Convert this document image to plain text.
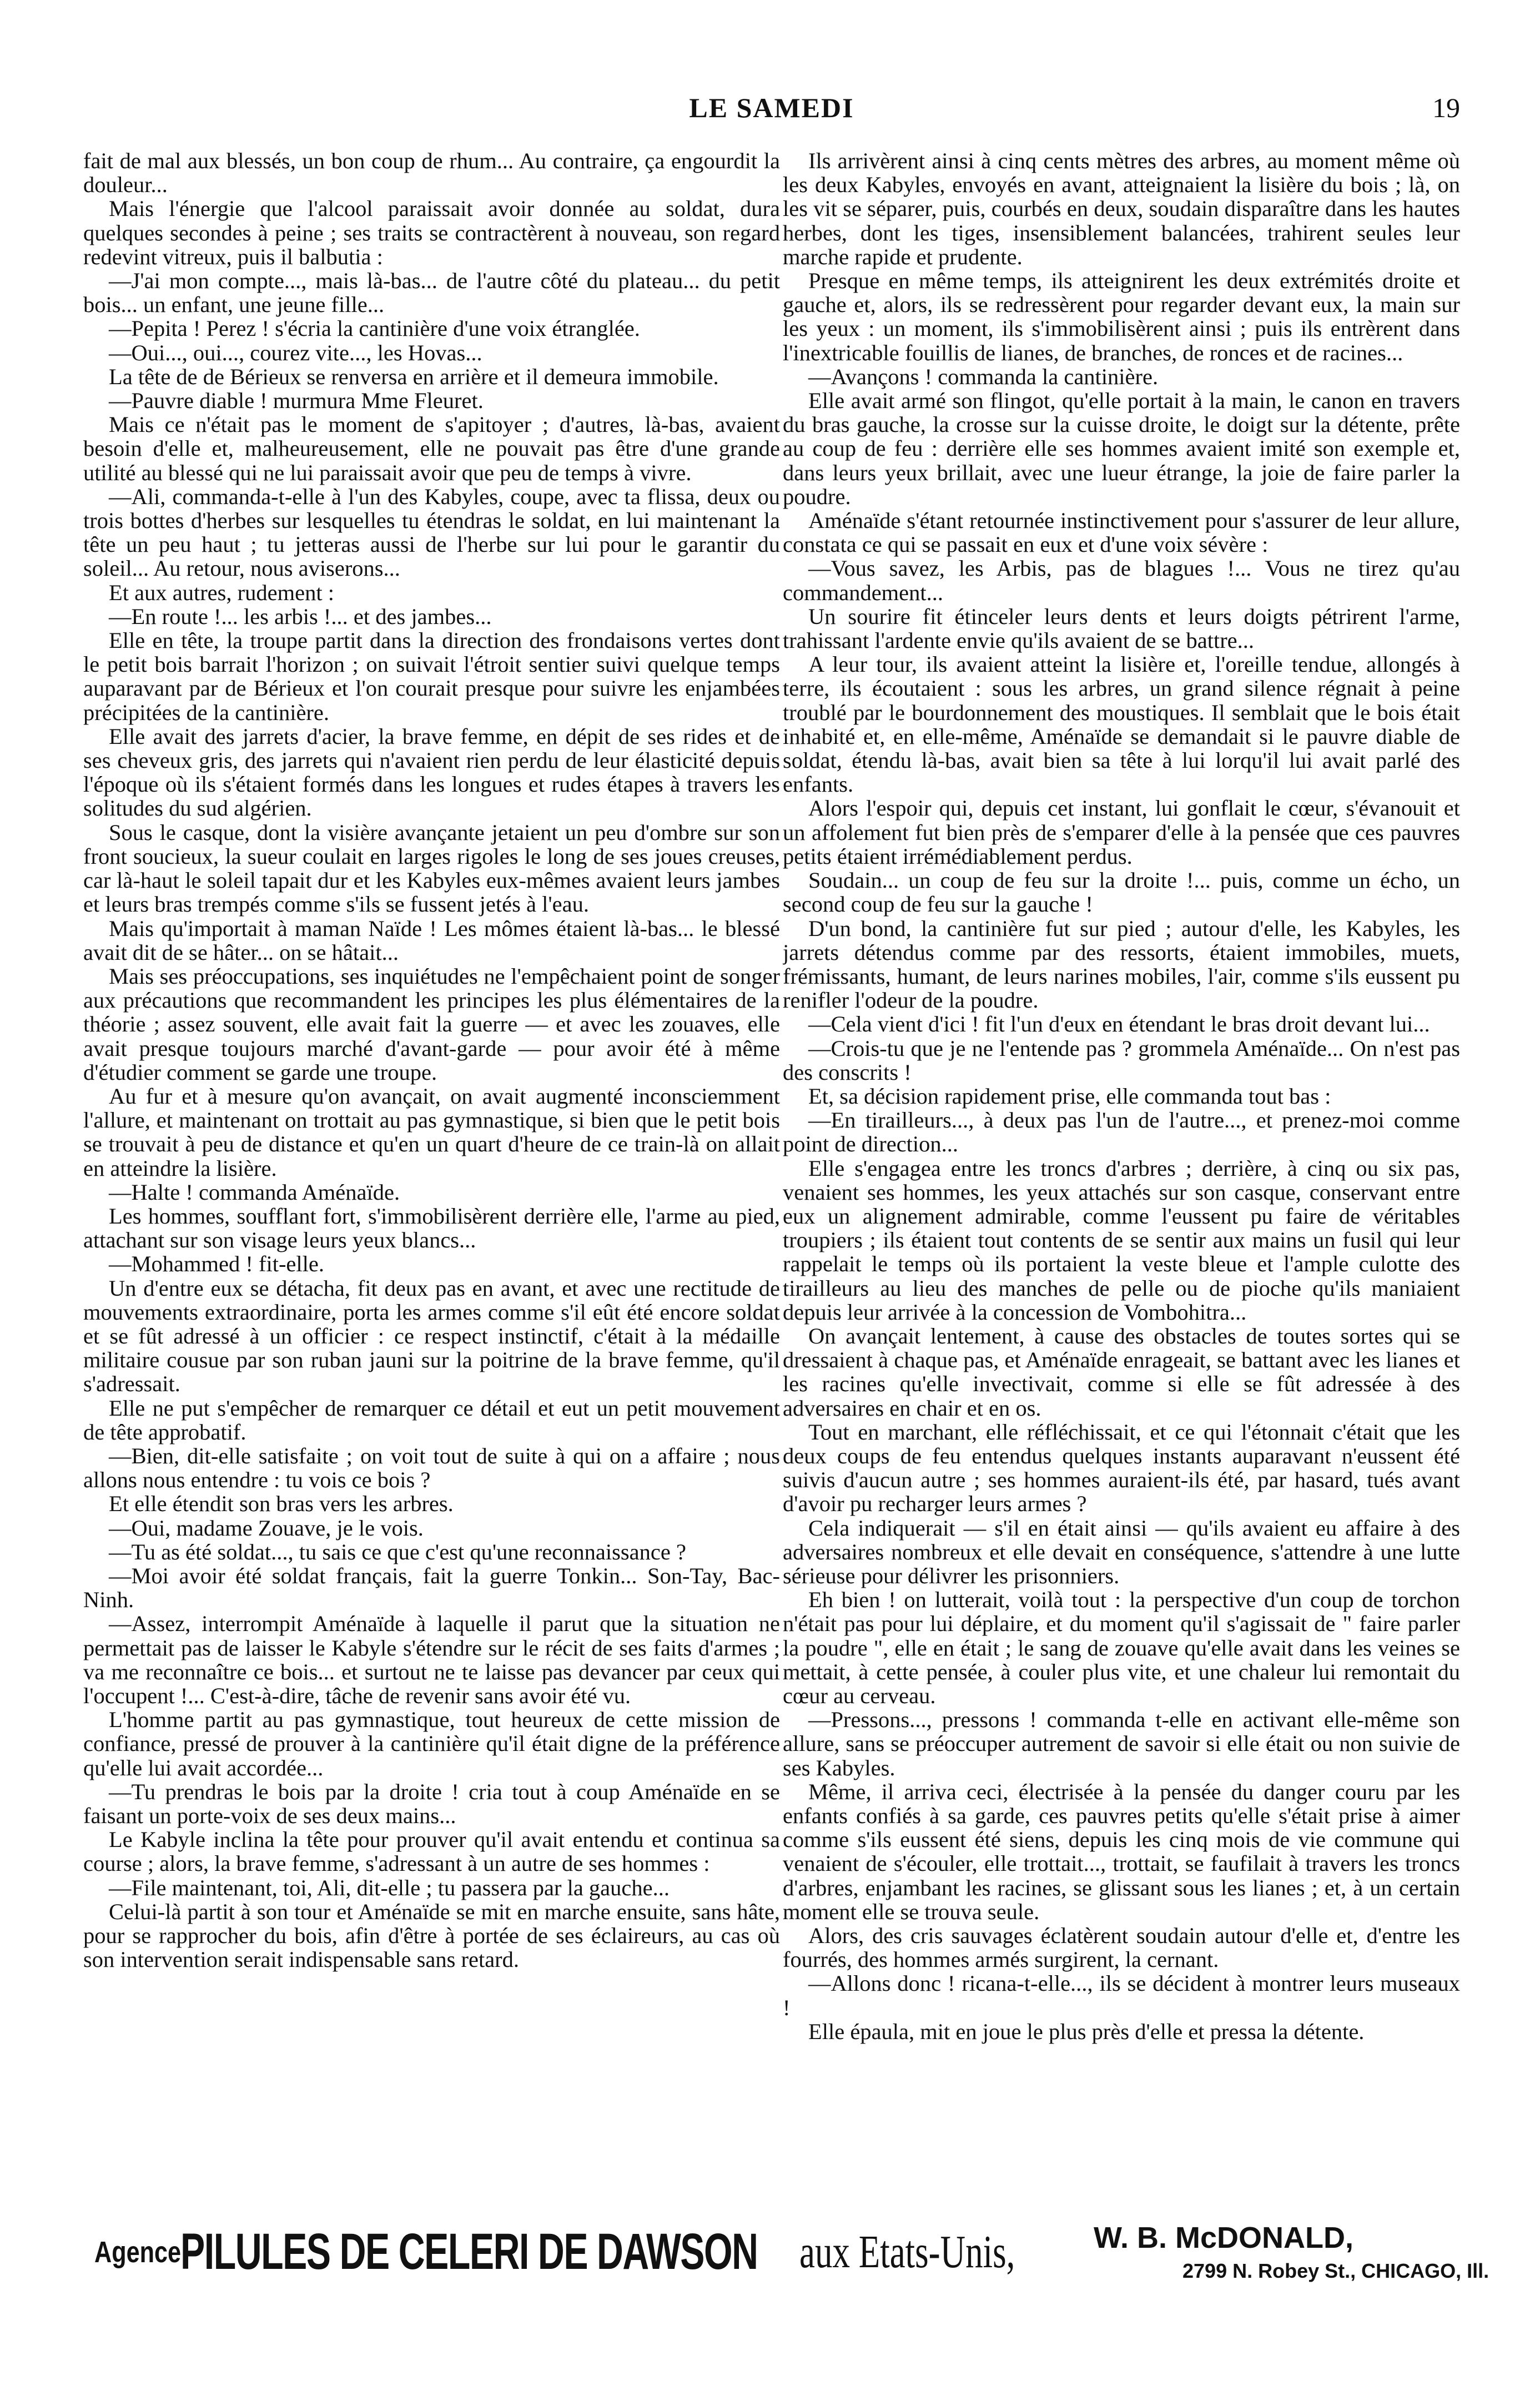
LE SAMEDI	19

fait de mal aux blessés, un bon coup de rhum... Au contraire, ça engourdit la douleur...

Mais l'énergie que l'alcool paraissait avoir donnée au soldat, dura quelques secondes à peine ; ses traits se contractèrent à nouveau, son regard redevint vitreux, puis il balbutia :

—J'ai mon compte..., mais là-bas... de l'autre côté du plateau... du petit bois... un enfant, une jeune fille...

—Pepita ! Perez ! s'écria la cantinière d'une voix étranglée.

—Oui..., oui..., courez vite..., les Hovas...

La tête de de Bérieux se renversa en arrière et il demeura immobile.

—Pauvre diable ! murmura Mme Fleuret.

Mais ce n'était pas le moment de s'apitoyer ; d'autres, là-bas, avaient besoin d'elle et, malheureusement, elle ne pouvait pas être d'une grande utilité au blessé qui ne lui paraissait avoir que peu de temps à vivre.

—Ali, commanda-t-elle à l'un des Kabyles, coupe, avec ta flissa, deux ou trois bottes d'herbes sur lesquelles tu étendras le soldat, en lui maintenant la tête un peu haut ; tu jetteras aussi de l'herbe sur lui pour le garantir du soleil... Au retour, nous aviserons...

Et aux autres, rudement :

—En route !... les arbis !... et des jambes...

Elle en tête, la troupe partit dans la direction des frondaisons vertes dont le petit bois barrait l'horizon ; on suivait l'étroit sentier suivi quelque temps auparavant par de Bérieux et l'on courait presque pour suivre les enjambées précipitées de la cantinière.

Elle avait des jarrets d'acier, la brave femme, en dépit de ses rides et de ses cheveux gris, des jarrets qui n'avaient rien perdu de leur élasticité depuis l'époque où ils s'étaient formés dans les longues et rudes étapes à travers les solitudes du sud algérien.

Sous le casque, dont la visière avançante jetaient un peu d'ombre sur son front soucieux, la sueur coulait en larges rigoles le long de ses joues creuses, car là-haut le soleil tapait dur et les Kabyles eux-mêmes avaient leurs jambes et leurs bras trempés comme s'ils se fussent jetés à l'eau.

Mais qu'importait à maman Naïde ! Les mômes étaient là-bas... le blessé avait dit de se hâter... on se hâtait...

Mais ses préoccupations, ses inquiétudes ne l'empêchaient point de songer aux précautions que recommandent les principes les plus élémentaires de la théorie ; assez souvent, elle avait fait la guerre — et avec les zouaves, elle avait presque toujours marché d'avant-garde — pour avoir été à même d'étudier comment se garde une troupe.

Au fur et à mesure qu'on avançait, on avait augmenté inconsciemment l'allure, et maintenant on trottait au pas gymnastique, si bien que le petit bois se trouvait à peu de distance et qu'en un quart d'heure de ce train-là on allait en atteindre la lisière.

—Halte ! commanda Aménaïde.

Les hommes, soufflant fort, s'immobilisèrent derrière elle, l'arme au pied, attachant sur son visage leurs yeux blancs...

—Mohammed ! fit-elle.

Un d'entre eux se détacha, fit deux pas en avant, et avec une rectitude de mouvements extraordinaire, porta les armes comme s'il eût été encore soldat et se fût adressé à un officier : ce respect instinctif, c'était à la médaille militaire cousue par son ruban jauni sur la poitrine de la brave femme, qu'il s'adressait.

Elle ne put s'empêcher de remarquer ce détail et eut un petit mouvement de tête approbatif.

—Bien, dit-elle satisfaite ; on voit tout de suite à qui on a affaire ; nous allons nous entendre : tu vois ce bois ?

Et elle étendit son bras vers les arbres.

—Oui, madame Zouave, je le vois.

—Tu as été soldat..., tu sais ce que c'est qu'une reconnaissance ?

—Moi avoir été soldat français, fait la guerre Tonkin... Son-Tay, Bac-Ninh.

—Assez, interrompit Aménaïde à laquelle il parut que la situation ne permettait pas de laisser le Kabyle s'étendre sur le récit de ses faits d'armes ; va me reconnaître ce bois... et surtout ne te laisse pas devancer par ceux qui l'occupent !... C'est-à-dire, tâche de revenir sans avoir été vu.

L'homme partit au pas gymnastique, tout heureux de cette mission de confiance, pressé de prouver à la cantinière qu'il était digne de la préférence qu'elle lui avait accordée...

—Tu prendras le bois par la droite ! cria tout à coup Aménaïde en se faisant un porte-voix de ses deux mains...

Le Kabyle inclina la tête pour prouver qu'il avait entendu et continua sa course ; alors, la brave femme, s'adressant à un autre de ses hommes :

—File maintenant, toi, Ali, dit-elle ; tu passera par la gauche...

Celui-là partit à son tour et Aménaïde se mit en marche ensuite, sans hâte, pour se rapprocher du bois, afin d'être à portée de ses éclaireurs, au cas où son intervention serait indispensable sans retard.

Ils arrivèrent ainsi à cinq cents mètres des arbres, au moment même où les deux Kabyles, envoyés en avant, atteignaient la lisière du bois ; là, on les vit se séparer, puis, courbés en deux, soudain disparaître dans les hautes herbes, dont les tiges, insensiblement balancées, trahirent seules leur marche rapide et prudente.

Presque en même temps, ils atteignirent les deux extrémités droite et gauche et, alors, ils se redressèrent pour regarder devant eux, la main sur les yeux : un moment, ils s'immobilisèrent ainsi ; puis ils entrèrent dans l'inextricable fouillis de lianes, de branches, de ronces et de racines...

—Avançons ! commanda la cantinière.

Elle avait armé son flingot, qu'elle portait à la main, le canon en travers du bras gauche, la crosse sur la cuisse droite, le doigt sur la détente, prête au coup de feu : derrière elle ses hommes avaient imité son exemple et, dans leurs yeux brillait, avec une lueur étrange, la joie de faire parler la poudre.

Aménaïde s'étant retournée instinctivement pour s'assurer de leur allure, constata ce qui se passait en eux et d'une voix sévère :

—Vous savez, les Arbis, pas de blagues !... Vous ne tirez qu'au commandement...

Un sourire fit étinceler leurs dents et leurs doigts pétrirent l'arme, trahissant l'ardente envie qu'ils avaient de se battre...

A leur tour, ils avaient atteint la lisière et, l'oreille tendue, allongés à terre, ils écoutaient : sous les arbres, un grand silence régnait à peine troublé par le bourdonnement des moustiques. Il semblait que le bois était inhabité et, en elle-même, Aménaïde se demandait si le pauvre diable de soldat, étendu là-bas, avait bien sa tête à lui lorqu'il lui avait parlé des enfants.

Alors l'espoir qui, depuis cet instant, lui gonflait le cœur, s'évanouit et un affolement fut bien près de s'emparer d'elle à la pensée que ces pauvres petits étaient irrémédiablement perdus.

Soudain... un coup de feu sur la droite !... puis, comme un écho, un second coup de feu sur la gauche !

D'un bond, la cantinière fut sur pied ; autour d'elle, les Kabyles, les jarrets détendus comme par des ressorts, étaient immobiles, muets, frémissants, humant, de leurs narines mobiles, l'air, comme s'ils eussent pu renifler l'odeur de la poudre.

—Cela vient d'ici ! fit l'un d'eux en étendant le bras droit devant lui...

—Crois-tu que je ne l'entende pas ? grommela Aménaïde... On n'est pas des conscrits !

Et, sa décision rapidement prise, elle commanda tout bas :

—En tirailleurs..., à deux pas l'un de l'autre..., et prenez-moi comme point de direction...

Elle s'engagea entre les troncs d'arbres ; derrière, à cinq ou six pas, venaient ses hommes, les yeux attachés sur son casque, conservant entre eux un alignement admirable, comme l'eussent pu faire de véritables troupiers ; ils étaient tout contents de se sentir aux mains un fusil qui leur rappelait le temps où ils portaient la veste bleue et l'ample culotte des tirailleurs au lieu des manches de pelle ou de pioche qu'ils maniaient depuis leur arrivée à la concession de Vombohitra...

On avançait lentement, à cause des obstacles de toutes sortes qui se dressaient à chaque pas, et Aménaïde enrageait, se battant avec les lianes et les racines qu'elle invectivait, comme si elle se fût adressée à des adversaires en chair et en os.

Tout en marchant, elle réfléchissait, et ce qui l'étonnait c'était que les deux coups de feu entendus quelques instants auparavant n'eussent été suivis d'aucun autre ; ses hommes auraient-ils été, par hasard, tués avant d'avoir pu recharger leurs armes ?

Cela indiquerait — s'il en était ainsi — qu'ils avaient eu affaire à des adversaires nombreux et elle devait en conséquence, s'attendre à une lutte sérieuse pour délivrer les prisonniers.

Eh bien ! on lutterait, voilà tout : la perspective d'un coup de torchon n'était pas pour lui déplaire, et du moment qu'il s'agissait de " faire parler la poudre ", elle en était ; le sang de zouave qu'elle avait dans les veines se mettait, à cette pensée, à couler plus vite, et une chaleur lui remontait du cœur au cerveau.

—Pressons..., pressons ! commanda t-elle en activant elle-même son allure, sans se préoccuper autrement de savoir si elle était ou non suivie de ses Kabyles.

Même, il arriva ceci, électrisée à la pensée du danger couru par les enfants confiés à sa garde, ces pauvres petits qu'elle s'était prise à aimer comme s'ils eussent été siens, depuis les cinq mois de vie commune qui venaient de s'écouler, elle trottait..., trottait, se faufilait à travers les troncs d'arbres, enjambant les racines, se glissant sous les lianes ; et, à un certain moment elle se trouva seule.

Alors, des cris sauvages éclatèrent soudain autour d'elle et, d'entre les fourrés, des hommes armés surgirent, la cernant.

—Allons donc ! ricana-t-elle..., ils se décident à montrer leurs museaux !

Elle épaula, mit en joue le plus près d'elle et pressa la détente.

Agence
PILULES DE CELERI DE DAWSON aux Etats-Unis,	W. B. McDONALD,
2799 N. Robey St., CHICAGO, Ill.
